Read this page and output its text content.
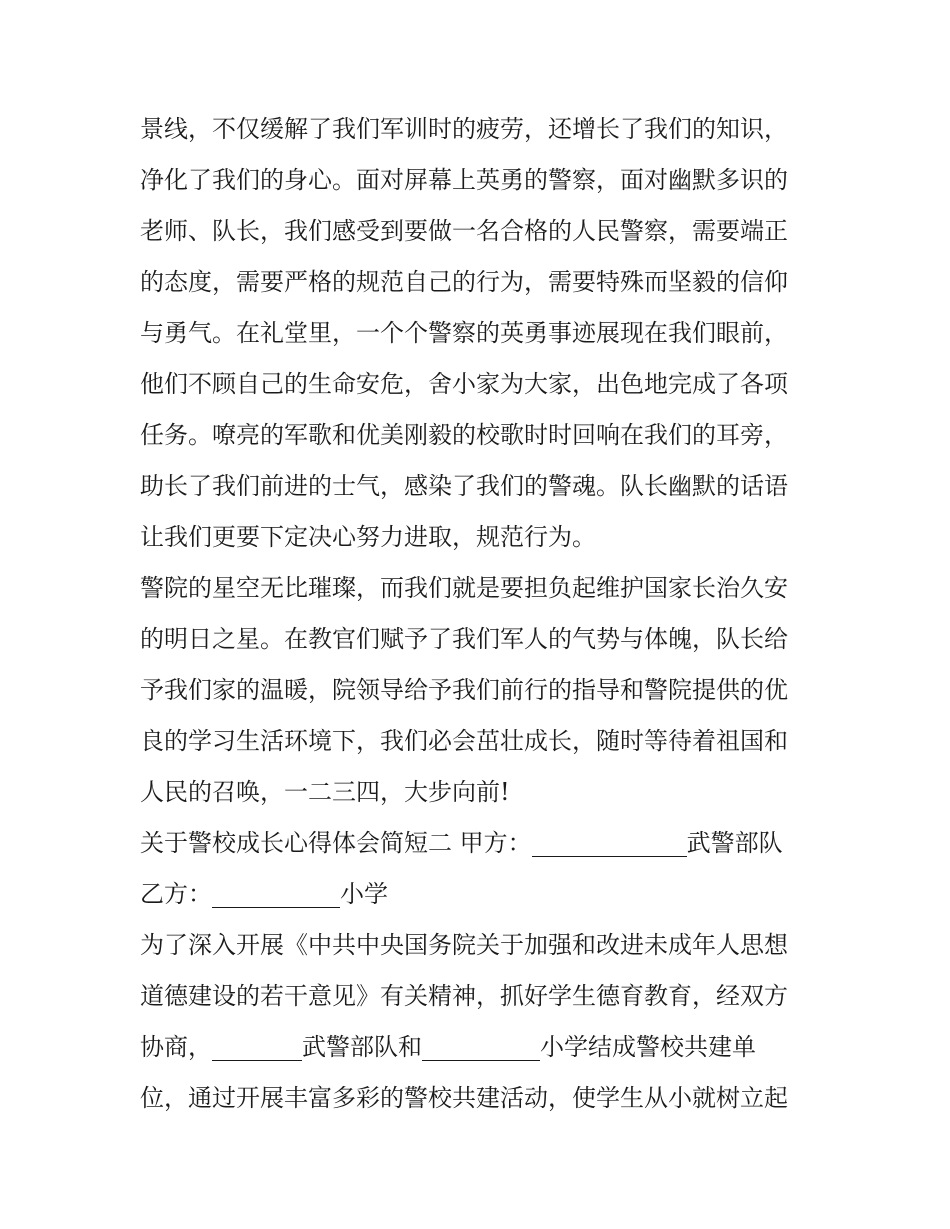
景线，不仅缓解了我们军训时的疲劳，还增长了我们的知识，
净化了我们的身心。面对屏幕上英勇的警察，面对幽默多识的
老师、队长，我们感受到要做一名合格的人民警察，需要端正
的态度，需要严格的规范自己的行为，需要特殊而坚毅的信仰
与勇气。在礼堂里，一个个警察的英勇事迹展现在我们眼前，
他们不顾自己的生命安危，舍小家为大家，出色地完成了各项
任务。嘹亮的军歌和优美刚毅的校歌时时回响在我们的耳旁，
助长了我们前进的士气，感染了我们的警魂。队长幽默的话语
让我们更要下定决心努力进取，规范行为。
警院的星空无比璀璨，而我们就是要担负起维护国家长治久安
的明日之星。在教官们赋予了我们军人的气势与体魄，队长给
予我们家的温暖，院领导给予我们前行的指导和警院提供的优
良的学习生活环境下，我们必会茁壮成长，随时等待着祖国和
人民的召唤，一二三四，大步向前!
关于警校成长心得体会简短二 甲方：	武警部队
乙方：	小学
为了深入开展《中共中央国务院关于加强和改进未成年人思想
道德建设的若干意见》有关精神，抓好学生德育教育，经双方
协商，	武警部队和	小学结成警校共建单
位，通过开展丰富多彩的警校共建活动，使学生从小就树立起
